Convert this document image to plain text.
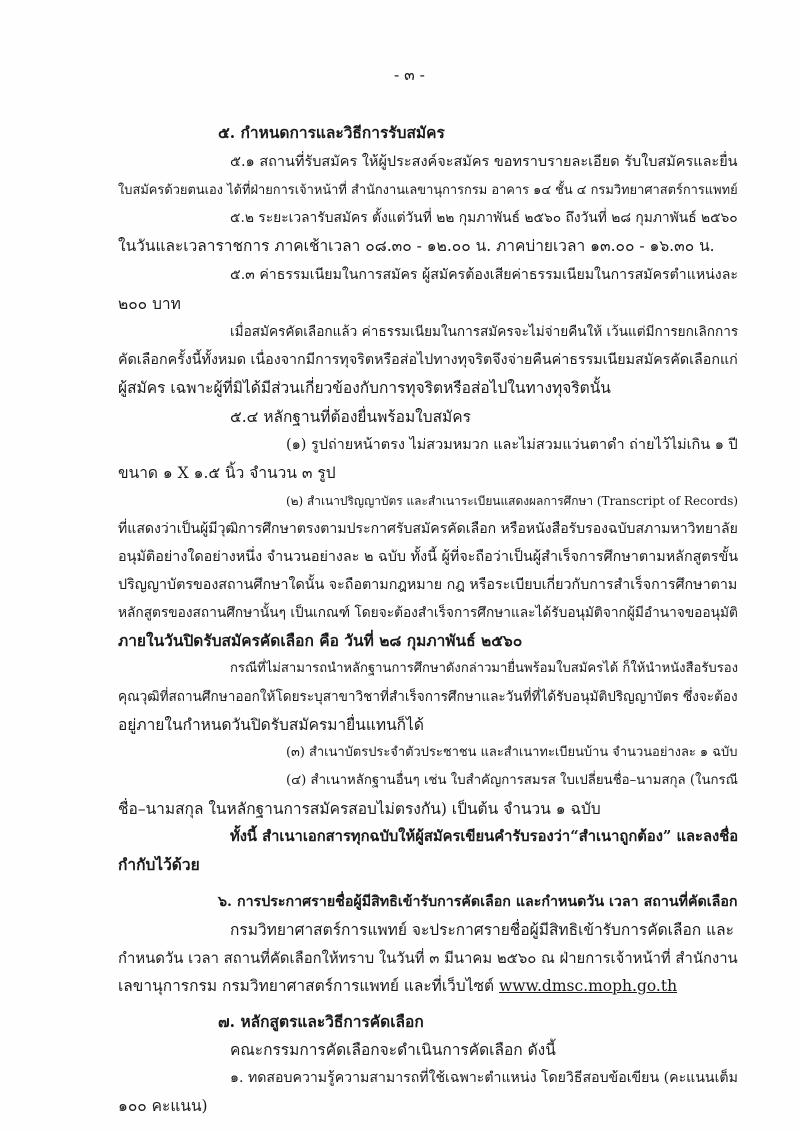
- ๓ -
๕. กำหนดการและวิธีการรับสมัคร
๕.๑ สถานที่รับสมัคร ให้ผู้ประสงค์จะสมัคร ขอทราบรายละเอียด รับใบสมัครและยื่น
ใบสมัครด้วยตนเอง ได้ที่ฝ่ายการเจ้าหน้าที่ สำนักงานเลขานุการกรม อาคาร ๑๔ ชั้น ๔ กรมวิทยาศาสตร์การแพทย์
๕.๒ ระยะเวลารับสมัคร ตั้งแต่วันที่ ๒๒ กุมภาพันธ์ ๒๕๖๐ ถึงวันที่ ๒๘ กุมภาพันธ์ ๒๕๖๐
ในวันและเวลาราชการ ภาคเช้าเวลา ๐๘.๓๐ - ๑๒.๐๐ น. ภาคบ่ายเวลา ๑๓.๐๐ - ๑๖.๓๐ น.
๕.๓ ค่าธรรมเนียมในการสมัคร ผู้สมัครต้องเสียค่าธรรมเนียมในการสมัครตำแหน่งละ
๒๐๐ บาท
เมื่อสมัครคัดเลือกแล้ว ค่าธรรมเนียมในการสมัครจะไม่จ่ายคืนให้ เว้นแต่มีการยกเลิกการ
คัดเลือกครั้งนี้ทั้งหมด เนื่องจากมีการทุจริตหรือส่อไปทางทุจริตจึงจ่ายคืนค่าธรรมเนียมสมัครคัดเลือกแก่
ผู้สมัคร เฉพาะผู้ที่มิได้มีส่วนเกี่ยวข้องกับการทุจริตหรือส่อไปในทางทุจริตนั้น
๕.๔ หลักฐานที่ต้องยื่นพร้อมใบสมัคร
(๑) รูปถ่ายหน้าตรง ไม่สวมหมวก และไม่สวมแว่นตาดำ ถ่ายไว้ไม่เกิน ๑ ปี
ขนาด ๑ X ๑.๕ นิ้ว จำนวน ๓ รูป
(๒) สำเนาปริญญาบัตร และสำเนาระเบียนแสดงผลการศึกษา (Transcript of Records)
ที่แสดงว่าเป็นผู้มีวุฒิการศึกษาตรงตามประกาศรับสมัครคัดเลือก หรือหนังสือรับรองฉบับสภามหาวิทยาลัย
อนุมัติอย่างใดอย่างหนึ่ง จำนวนอย่างละ ๒ ฉบับ ทั้งนี้ ผู้ที่จะถือว่าเป็นผู้สำเร็จการศึกษาตามหลักสูตรขั้น
ปริญญาบัตรของสถานศึกษาใดนั้น จะถือตามกฎหมาย กฎ หรือระเบียบเกี่ยวกับการสำเร็จการศึกษาตาม
หลักสูตรของสถานศึกษานั้นๆ เป็นเกณฑ์ โดยจะต้องสำเร็จการศึกษาและได้รับอนุมัติจากผู้มีอำนาจขออนุมัติ
ภายในวันปิดรับสมัครคัดเลือก คือ วันที่ ๒๘ กุมภาพันธ์ ๒๕๖๐
กรณีที่ไม่สามารถนำหลักฐานการศึกษาดังกล่าวมายื่นพร้อมใบสมัครได้ ก็ให้นำหนังสือรับรอง
คุณวุฒิที่สถานศึกษาออกให้โดยระบุสาขาวิชาที่สำเร็จการศึกษาและวันที่ที่ได้รับอนุมัติปริญญาบัตร ซึ่งจะต้อง
อยู่ภายในกำหนดวันปิดรับสมัครมายื่นแทนก็ได้
(๓) สำเนาบัตรประจำตัวประชาชน และสำเนาทะเบียนบ้าน จำนวนอย่างละ ๑ ฉบับ
(๔) สำเนาหลักฐานอื่นๆ เช่น ใบสำคัญการสมรส ใบเปลี่ยนชื่อ–นามสกุล (ในกรณี
ชื่อ–นามสกุล ในหลักฐานการสมัครสอบไม่ตรงกัน) เป็นต้น จำนวน ๑ ฉบับ
ทั้งนี้ สำเนาเอกสารทุกฉบับให้ผู้สมัครเขียนคำรับรองว่า“สำเนาถูกต้อง” และลงชื่อ
กำกับไว้ด้วย
๖. การประกาศรายชื่อผู้มีสิทธิเข้ารับการคัดเลือก และกำหนดวัน เวลา สถานที่คัดเลือก
กรมวิทยาศาสตร์การแพทย์ จะประกาศรายชื่อผู้มีสิทธิเข้ารับการคัดเลือก และ
กำหนดวัน เวลา สถานที่คัดเลือกให้ทราบ ในวันที่ ๓ มีนาคม ๒๕๖๐ ณ ฝ่ายการเจ้าหน้าที่ สำนักงาน
เลขานุการกรม กรมวิทยาศาสตร์การแพทย์ และที่เว็บไซต์ www.dmsc.moph.go.th
๗. หลักสูตรและวิธีการคัดเลือก
คณะกรรมการคัดเลือกจะดำเนินการคัดเลือก ดังนี้
๑. ทดสอบความรู้ความสามารถที่ใช้เฉพาะตำแหน่ง โดยวิธีสอบข้อเขียน (คะแนนเต็ม
๑๐๐ คะแนน)
